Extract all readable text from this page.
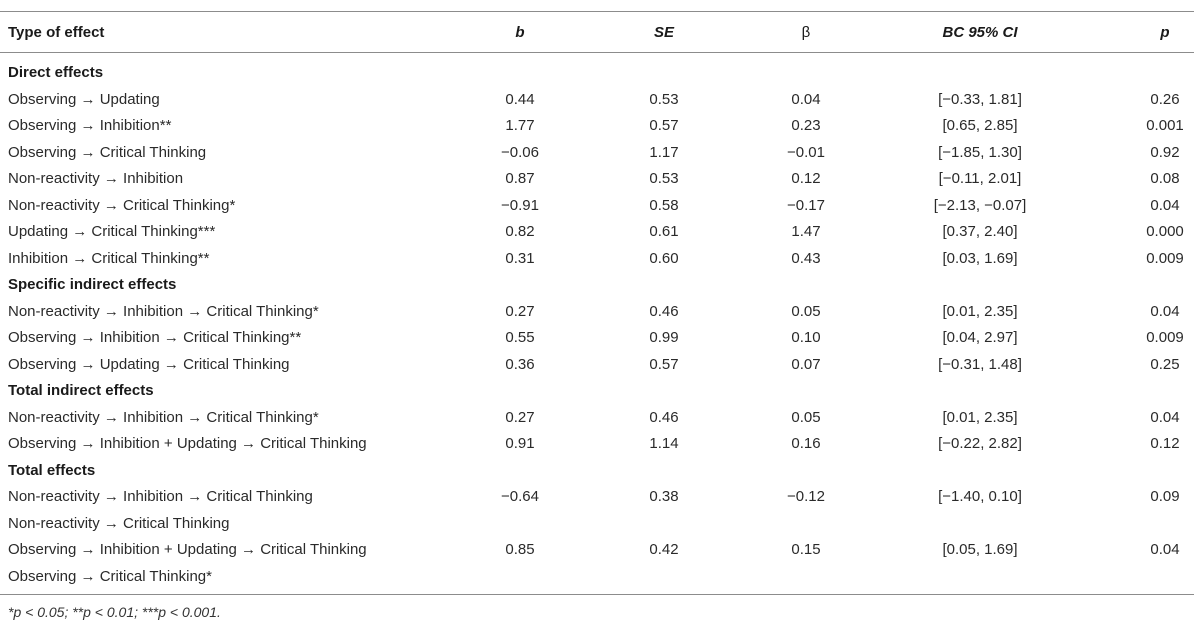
Type of effect	b	SE	β	BC 95% CI	p
Direct effects
Observing → Updating	0.44	0.53	0.04	[−0.33, 1.81]	0.26
Observing → Inhibition**	1.77	0.57	0.23	[0.65, 2.85]	0.001
Observing → Critical Thinking	−0.06	1.17	−0.01	[−1.85, 1.30]	0.92
Non-reactivity → Inhibition	0.87	0.53	0.12	[−0.11, 2.01]	0.08
Non-reactivity → Critical Thinking*	−0.91	0.58	−0.17	[−2.13, −0.07]	0.04
Updating → Critical Thinking***	0.82	0.61	1.47	[0.37, 2.40]	0.000
Inhibition → Critical Thinking**	0.31	0.60	0.43	[0.03, 1.69]	0.009
Specific indirect effects
Non-reactivity → Inhibition → Critical Thinking*	0.27	0.46	0.05	[0.01, 2.35]	0.04
Observing → Inhibition → Critical Thinking**	0.55	0.99	0.10	[0.04, 2.97]	0.009
Observing → Updating → Critical Thinking	0.36	0.57	0.07	[−0.31, 1.48]	0.25
Total indirect effects
Non-reactivity → Inhibition → Critical Thinking*	0.27	0.46	0.05	[0.01, 2.35]	0.04
Observing → Inhibition + Updating → Critical Thinking	0.91	1.14	0.16	[−0.22, 2.82]	0.12
Total effects
Non-reactivity → Inhibition → Critical Thinking	−0.64	0.38	−0.12	[−1.40, 0.10]	0.09
Non-reactivity → Critical Thinking
Observing → Inhibition + Updating → Critical Thinking	0.85	0.42	0.15	[0.05, 1.69]	0.04
Observing → Critical Thinking*
*p < 0.05; **p < 0.01; ***p < 0.001.
